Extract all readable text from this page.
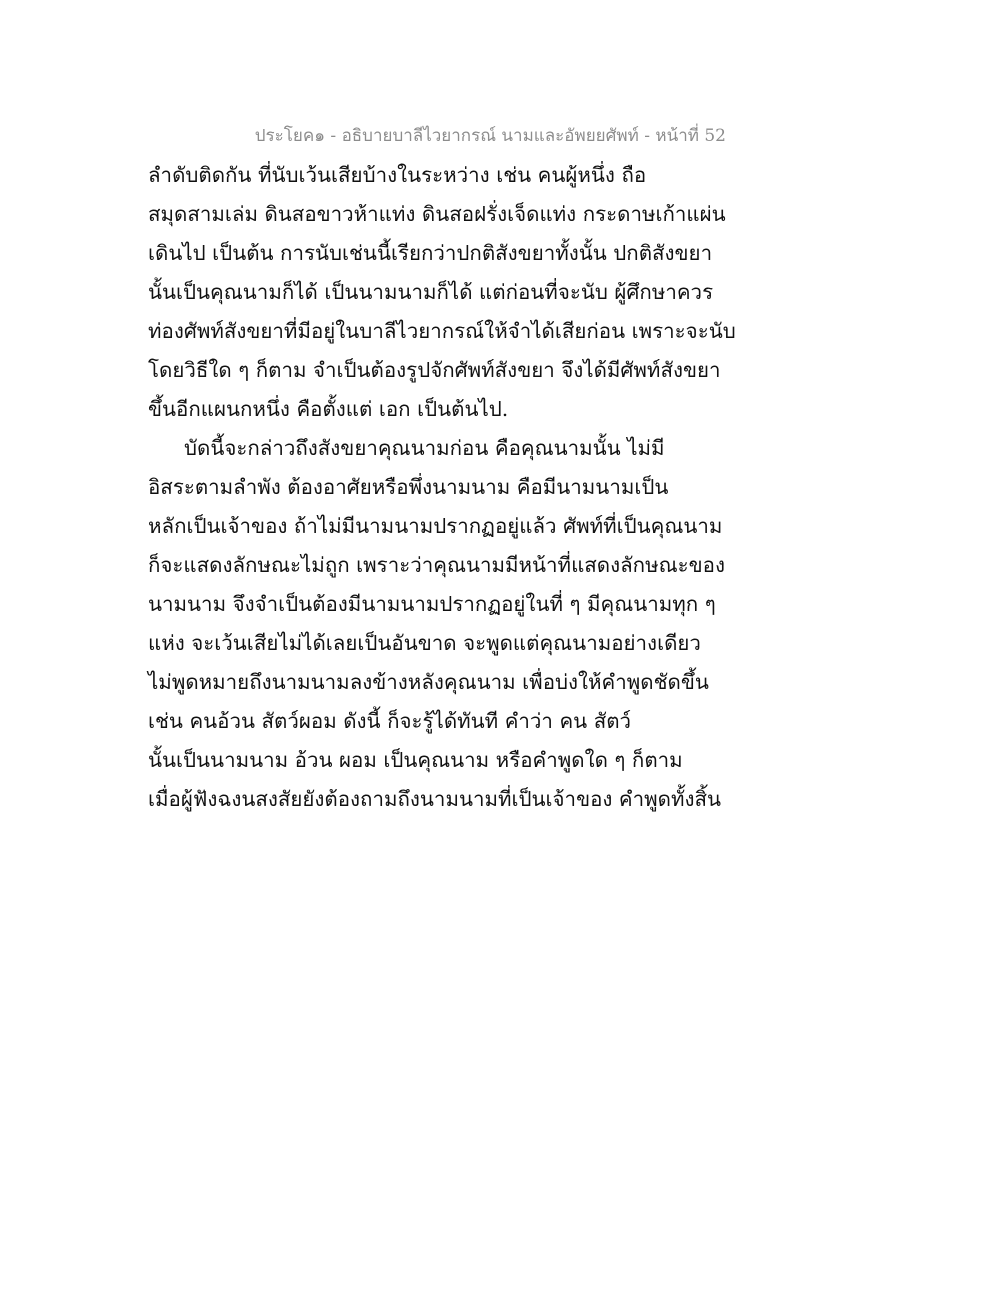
ประโยค๑ - อธิบายบาลีไวยากรณ์ นามและอัพยยศัพท์ - หน้าที่ 52
ลำดับติดกัน ที่นับเว้นเสียบ้างในระหว่าง เช่น คนผู้หนึ่ง ถือ
สมุดสามเล่ม ดินสอขาวห้าแท่ง ดินสอฝรั่งเจ็ดแท่ง กระดาษเก้าแผ่น
เดินไป เป็นต้น การนับเช่นนี้เรียกว่าปกติสังขยาทั้งนั้น ปกติสังขยา
นั้นเป็นคุณนามก็ได้ เป็นนามนามก็ได้ แต่ก่อนที่จะนับ ผู้ศึกษาควร
ท่องศัพท์สังขยาที่มีอยู่ในบาลีไวยากรณ์ให้จำได้เสียก่อน เพราะจะนับ
โดยวิธีใด ๆ ก็ตาม จำเป็นต้องรูปจักศัพท์สังขยา จึงได้มีศัพท์สังขยา
ขึ้นอีกแผนกหนึ่ง คือตั้งแต่ เอก เป็นต้นไป.
บัดนี้จะกล่าวถึงสังขยาคุณนามก่อน คือคุณนามนั้น ไม่มี
อิสระตามลำพัง ต้องอาศัยหรือพึ่งนามนาม คือมีนามนามเป็น
หลักเป็นเจ้าของ ถ้าไม่มีนามนามปรากฏอยู่แล้ว ศัพท์ที่เป็นคุณนาม
ก็จะแสดงลักษณะไม่ถูก เพราะว่าคุณนามมีหน้าที่แสดงลักษณะของ
นามนาม จึงจำเป็นต้องมีนามนามปรากฏอยู่ในที่ ๆ มีคุณนามทุก ๆ
แห่ง จะเว้นเสียไม่ได้เลยเป็นอันขาด จะพูดแต่คุณนามอย่างเดียว
ไม่พูดหมายถึงนามนามลงข้างหลังคุณนาม เพื่อบ่งให้คำพูดชัดขึ้น
เช่น คนอ้วน สัตว์ผอม ดังนี้ ก็จะรู้ได้ทันที คำว่า คน สัตว์
นั้นเป็นนามนาม อ้วน ผอม เป็นคุณนาม หรือคำพูดใด ๆ ก็ตาม
เมื่อผู้ฟังฉงนสงสัยยังต้องถามถึงนามนามที่เป็นเจ้าของ คำพูดทั้งสิ้น
